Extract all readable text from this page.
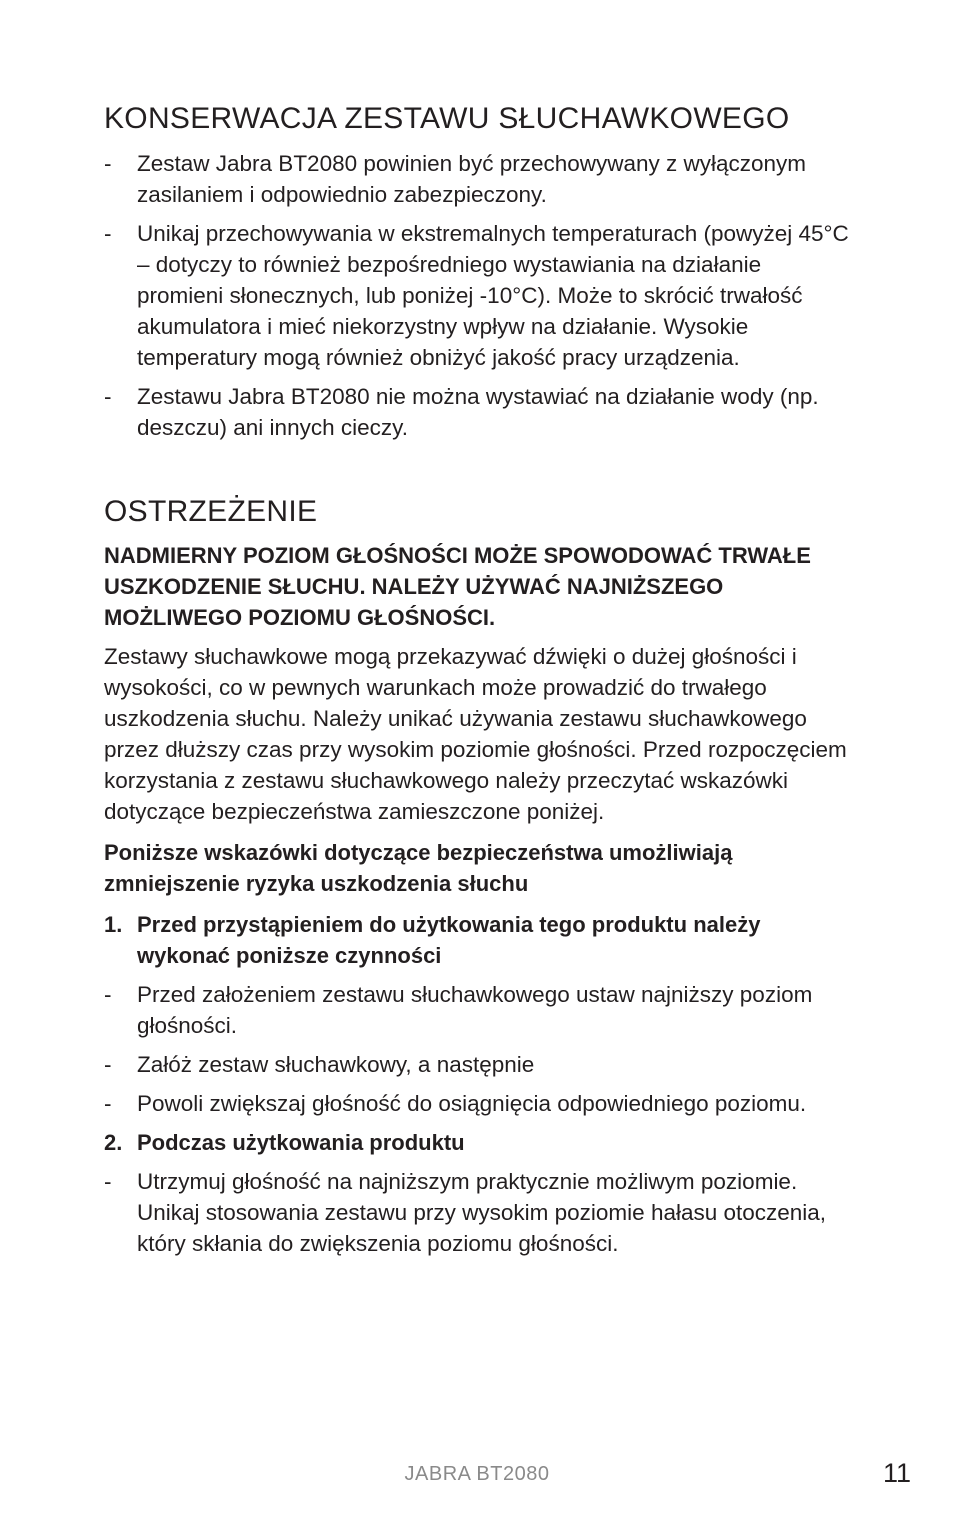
KONSERWACJA ZESTAWU SŁUCHAWKOWEGO
-	Zestaw Jabra BT2080 powinien być przechowywany z wyłączonym zasilaniem i odpowiednio zabezpieczony.
-	Unikaj przechowywania w ekstremalnych temperaturach (powyżej 45°C – dotyczy to również bezpośredniego wystawiania na działanie promieni słonecznych, lub poniżej -10°C). Może to skrócić trwałość akumulatora i mieć niekorzystny wpływ na działanie. Wysokie temperatury mogą również obniżyć jakość pracy urządzenia.
-	Zestawu Jabra BT2080 nie można wystawiać na działanie wody (np. deszczu) ani innych cieczy.
OSTRZEŻENIE

NADMIERNY POZIOM GŁOŚNOŚCI MOŻE SPOWODOWAĆ TRWAŁE USZKODZENIE SŁUCHU. NALEŻY UŻYWAĆ NAJNIŻSZEGO MOŻLIWEGO POZIOMU GŁOŚNOŚCI.

Zestawy słuchawkowe mogą przekazywać dźwięki o dużej głośności i wysokości, co w pewnych warunkach może prowadzić do trwałego uszkodzenia słuchu. Należy unikać używania zestawu słuchawkowego przez dłuższy czas przy wysokim poziomie głośności. Przed rozpoczęciem korzystania z zestawu słuchawkowego należy przeczytać wskazówki dotyczące bezpieczeństwa zamieszczone poniżej.

Poniższe wskazówki dotyczące bezpieczeństwa umożliwiają zmniejszenie ryzyka uszkodzenia słuchu

1. Przed przystąpieniem do użytkowania tego produktu należy wykonać poniższe czynności
-	Przed założeniem zestawu słuchawkowego ustaw najniższy poziom głośności.
-	Załóż zestaw słuchawkowy, a następnie
-	Powoli zwiększaj głośność do osiągnięcia odpowiedniego poziomu.
2. Podczas użytkowania produktu
-	Utrzymuj głośność na najniższym praktycznie możliwym poziomie. Unikaj stosowania zestawu przy wysokim poziomie hałasu otoczenia, który skłania do zwiększenia poziomu głośności.
JABRA BT2080	11
